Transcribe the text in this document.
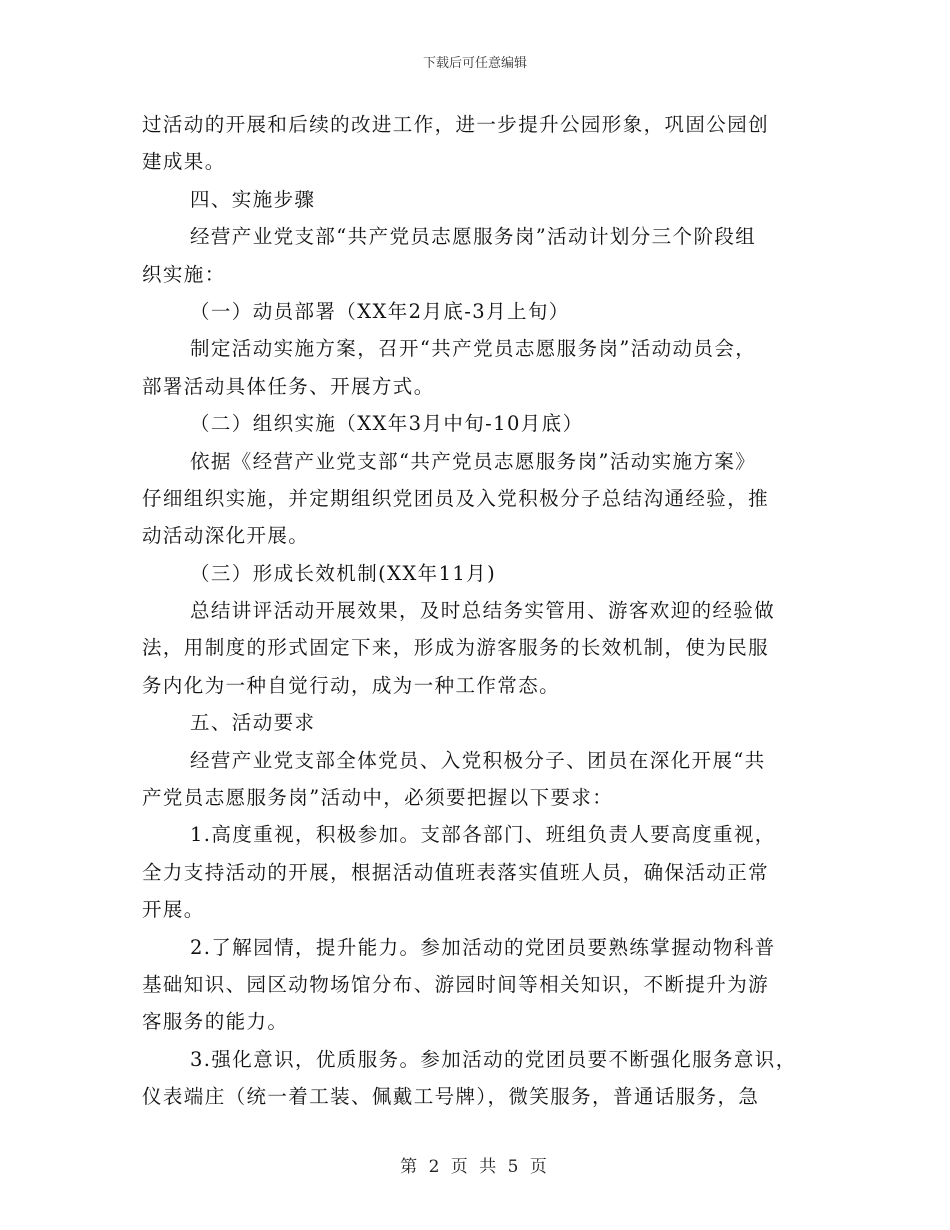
下载后可任意编辑
过活动的开展和后续的改进工作，进一步提升公园形象，巩固公园创
建成果。
四、实施步骤
经营产业党支部“共产党员志愿服务岗”活动计划分三个阶段组
织实施：
（一）动员部署（XX年2月底-3月上旬）
制定活动实施方案，召开“共产党员志愿服务岗”活动动员会，
部署活动具体任务、开展方式。
（二）组织实施（XX年3月中旬-10月底）
依据《经营产业党支部“共产党员志愿服务岗”活动实施方案》
仔细组织实施，并定期组织党团员及入党积极分子总结沟通经验，推
动活动深化开展。
（三）形成长效机制(XX年11月)
总结讲评活动开展效果，及时总结务实管用、游客欢迎的经验做
法，用制度的形式固定下来，形成为游客服务的长效机制，使为民服
务内化为一种自觉行动，成为一种工作常态。
五、活动要求
经营产业党支部全体党员、入党积极分子、团员在深化开展“共
产党员志愿服务岗”活动中，必须要把握以下要求：
1.高度重视，积极参加。支部各部门、班组负责人要高度重视，
全力支持活动的开展，根据活动值班表落实值班人员，确保活动正常
开展。
2.了解园情，提升能力。参加活动的党团员要熟练掌握动物科普
基础知识、园区动物场馆分布、游园时间等相关知识，不断提升为游
客服务的能力。
3.强化意识，优质服务。参加活动的党团员要不断强化服务意识，
仪表端庄（统一着工装、佩戴工号牌），微笑服务，普通话服务，急
第 2 页 共 5 页
